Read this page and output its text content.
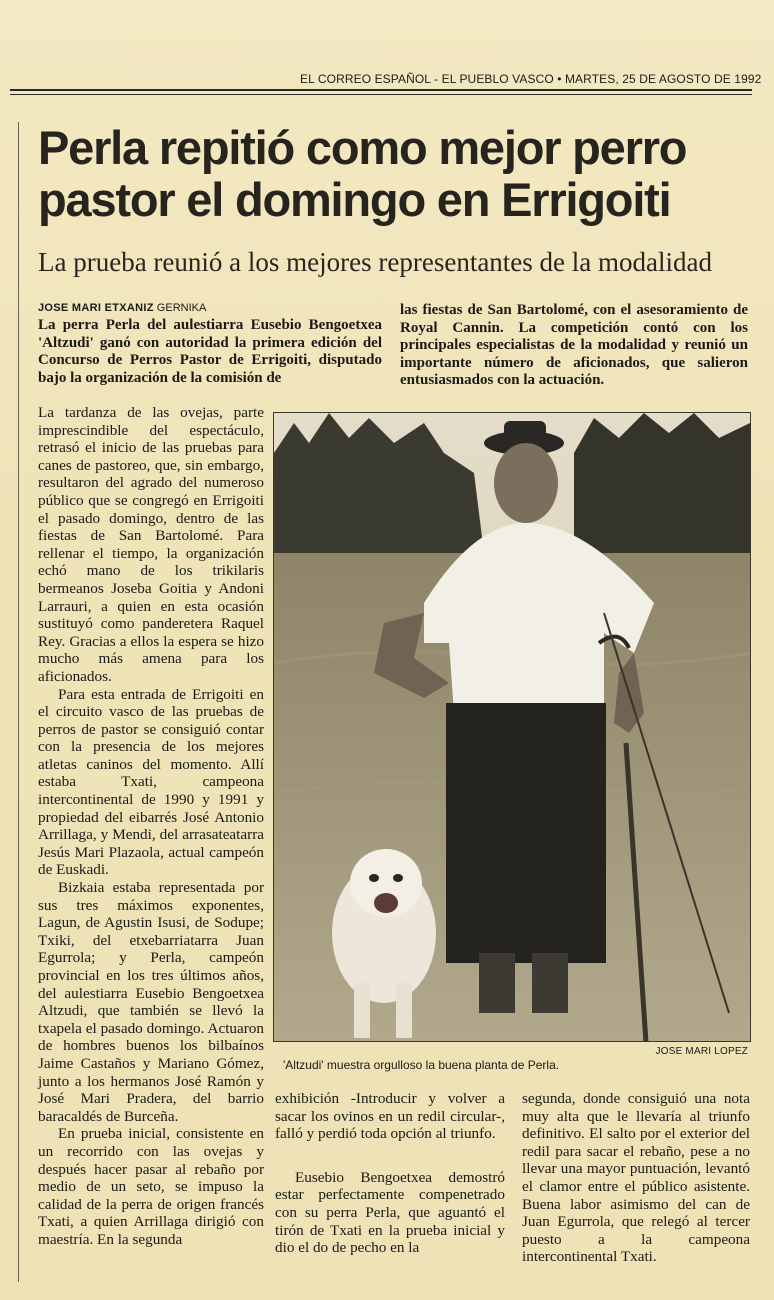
EL CORREO ESPAÑOL - EL PUEBLO VASCO • MARTES, 25 DE AGOSTO DE 1992
Perla repitió como mejor perro
pastor el domingo en Errigoiti
La prueba reunió a los mejores representantes de la modalidad
JOSE MARI ETXANIZ GERNIKA
La perra Perla del aulestiarra Eusebio Bengoetxea 'Altzudi' ganó con autoridad la primera edición del Concurso de Perros Pastor de Errigoiti, disputado bajo la organización de la comisión de
las fiestas de San Bartolomé, con el asesoramiento de Royal Cannin. La competición contó con los principales especialistas de la modalidad y reunió un importante número de aficionados, que salieron entusiasmados con la actuación.

La tardanza de las ovejas, parte imprescindible del espectáculo, retrasó el inicio de las pruebas para canes de pastoreo, que, sin embargo, resultaron del agrado del numeroso público que se congregó en Errigoiti el pasado domingo, dentro de las fiestas de San Bartolomé. Para rellenar el tiempo, la organización echó mano de los trikilaris bermeanos Joseba Goitia y Andoni Larrauri, a quien en esta ocasión sustituyó como panderetera Raquel Rey. Gracias a ellos la espera se hizo mucho más amena para los aficionados.

Para esta entrada de Errigoiti en el circuito vasco de las pruebas de perros de pastor se consiguió contar con la presencia de los mejores atletas caninos del momento. Allí estaba Txati, campeona intercontinental de 1990 y 1991 y propiedad del eibarrés José Antonio Arrillaga, y Mendi, del arrasateatarra Jesús Mari Plazaola, actual campeón de Euskadi.

Bizkaia estaba representada por sus tres máximos exponentes, Lagun, de Agustin Isusi, de Sodupe; Txiki, del etxebarriatarra Juan Egurrola; y Perla, campeón provincial en los tres últimos años, del aulestiarra Eusebio Bengoetxea Altzudi, que también se llevó la txapela el pasado domingo. Actuaron de hombres buenos los bilbaínos Jaime Castaños y Mariano Gómez, junto a los hermanos José Ramón y José Mari Pradera, del barrio baracaldés de Burceña.

En prueba inicial, consistente en un recorrido con las ovejas y después hacer pasar al rebaño por medio de un seto, se impuso la calidad de la perra de origen francés Txati, a quien Arrillaga dirigió con maestría. En la segunda

JOSE MARI LOPEZ
'Altzudi' muestra orgulloso la buena planta de Perla.

exhibición -Introducir y volver a sacar los ovinos en un redil circular-, falló y perdió toda opción al triunfo.

Eusebio Bengoetxea demostró estar perfectamente compenetrado con su perra Perla, que aguantó el tirón de Txati en la prueba inicial y dio el do de pecho en la

segunda, donde consiguió una nota muy alta que le llevaría al triunfo definitivo. El salto por el exterior del redil para sacar el rebaño, pese a no llevar una mayor puntuación, levantó el clamor entre el público asistente. Buena labor asimismo del can de Juan Egurrola, que relegó al tercer puesto a la campeona intercontinental Txati.
